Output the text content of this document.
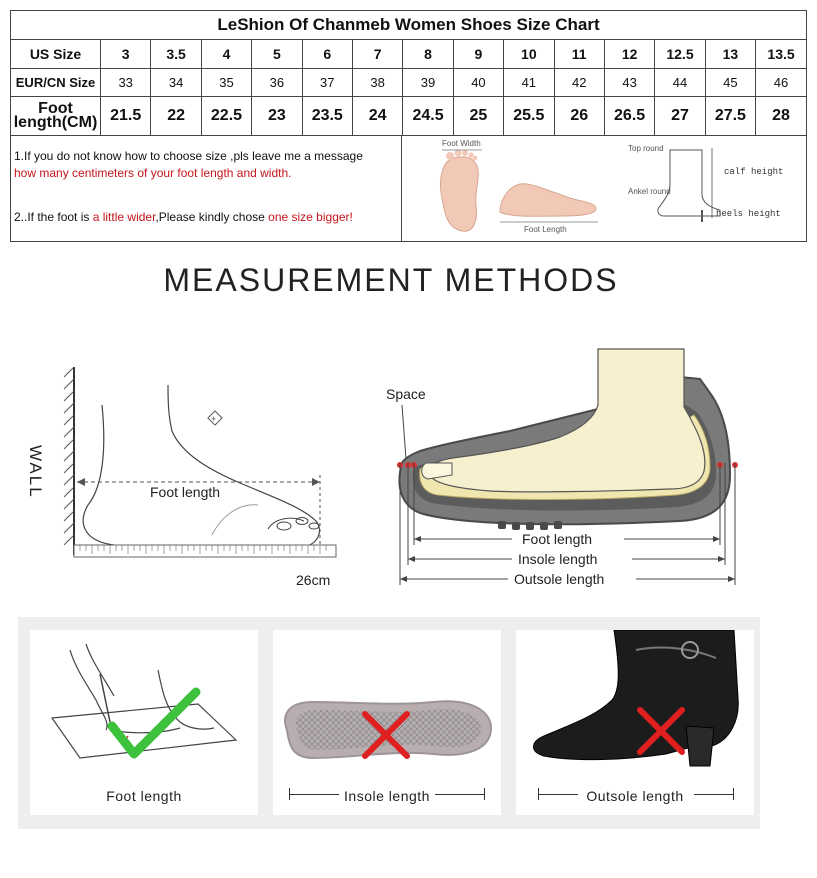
LeShion Of Chanmeb Women Shoes Size Chart
US Size	3	3.5	4	5	6	7	8	9	10	11	12	12.5	13	13.5
EUR/CN Size	33	34	35	36	37	38	39	40	41	42	43	44	45	46

Foot
length(CM)	21.5	22	22.5	23	23.5	24	24.5	25	25.5	26	26.5	27	27.5	28
1.If you do not know how to choose size ,pls leave me a message
how many centimeters of your foot length and width.
2..If the foot is a little wider,Please kindly chose one size bigger!
Foot Width
Foot Length
Top round
Ankel round
calf height
heels height
MEASUREMENT METHODS
WALL
+
Foot length
26cm
Foot length
Insole length
Outsole length
Space
Foot length	Insole length	Outsole length
